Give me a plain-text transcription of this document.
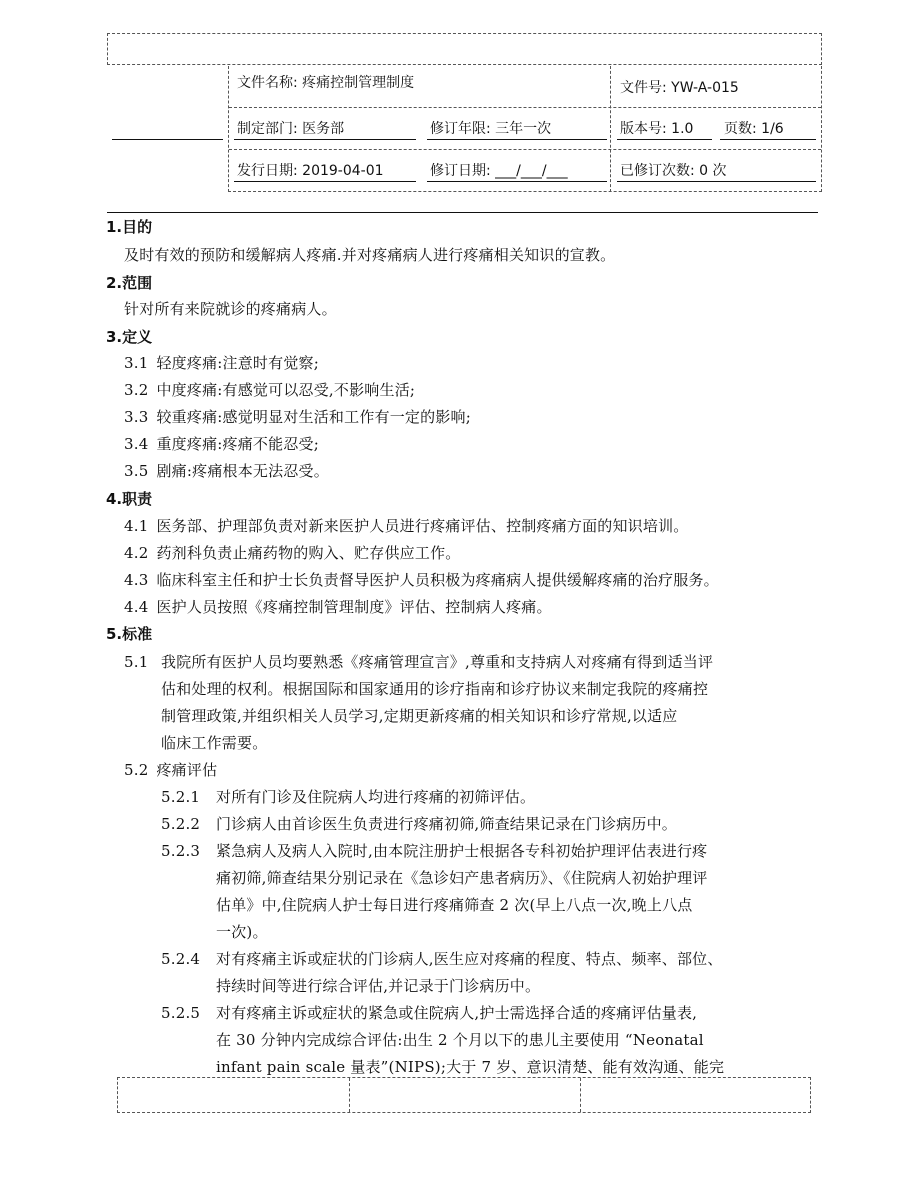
文件名称: 疼痛控制管理制度	文件号: YW-A-015
制定部门: 医务部	修订年限: 三年一次	版本号: 1.0 页数: 1/6
发行日期: 2019-04-01	修订日期: ___/___/___	已修订次数: 0 次
1.目的
及时有效的预防和缓解病人疼痛.并对疼痛病人进行疼痛相关知识的宣教。
2.范围
针对所有来院就诊的疼痛病人。
3.定义
3.1 轻度疼痛:注意时有觉察;
3.2 中度疼痛:有感觉可以忍受,不影响生活;
3.3 较重疼痛:感觉明显对生活和工作有一定的影响;
3.4 重度疼痛:疼痛不能忍受;
3.5 剧痛:疼痛根本无法忍受。
4.职责
4.1 医务部、护理部负责对新来医护人员进行疼痛评估、控制疼痛方面的知识培训。
4.2 药剂科负责止痛药物的购入、贮存供应工作。
4.3 临床科室主任和护士长负责督导医护人员积极为疼痛病人提供缓解疼痛的治疗服务。
4.4 医护人员按照《疼痛控制管理制度》评估、控制病人疼痛。
5.标准
5.1 我院所有医护人员均要熟悉《疼痛管理宣言》,尊重和支持病人对疼痛有得到适当评
估和处理的权利。根据国际和国家通用的诊疗指南和诊疗协议来制定我院的疼痛控
制管理政策,并组织相关人员学习,定期更新疼痛的相关知识和诊疗常规,以适应
临床工作需要。
5.2 疼痛评估
5.2.1 对所有门诊及住院病人均进行疼痛的初筛评估。
5.2.2 门诊病人由首诊医生负责进行疼痛初筛,筛查结果记录在门诊病历中。
5.2.3 紧急病人及病人入院时,由本院注册护士根据各专科初始护理评估表进行疼
痛初筛,筛查结果分别记录在《急诊妇产患者病历》、《住院病人初始护理评
估单》中,住院病人护士每日进行疼痛筛查 2 次(早上八点一次,晚上八点
一次)。
5.2.4 对有疼痛主诉或症状的门诊病人,医生应对疼痛的程度、特点、频率、部位、
持续时间等进行综合评估,并记录于门诊病历中。
5.2.5 对有疼痛主诉或症状的紧急或住院病人,护士需选择合适的疼痛评估量表,
在 30 分钟内完成综合评估:出生 2 个月以下的患儿主要使用 “Neonatal
infant pain scale 量表”(NIPS);大于 7 岁、意识清楚、能有效沟通、能完
